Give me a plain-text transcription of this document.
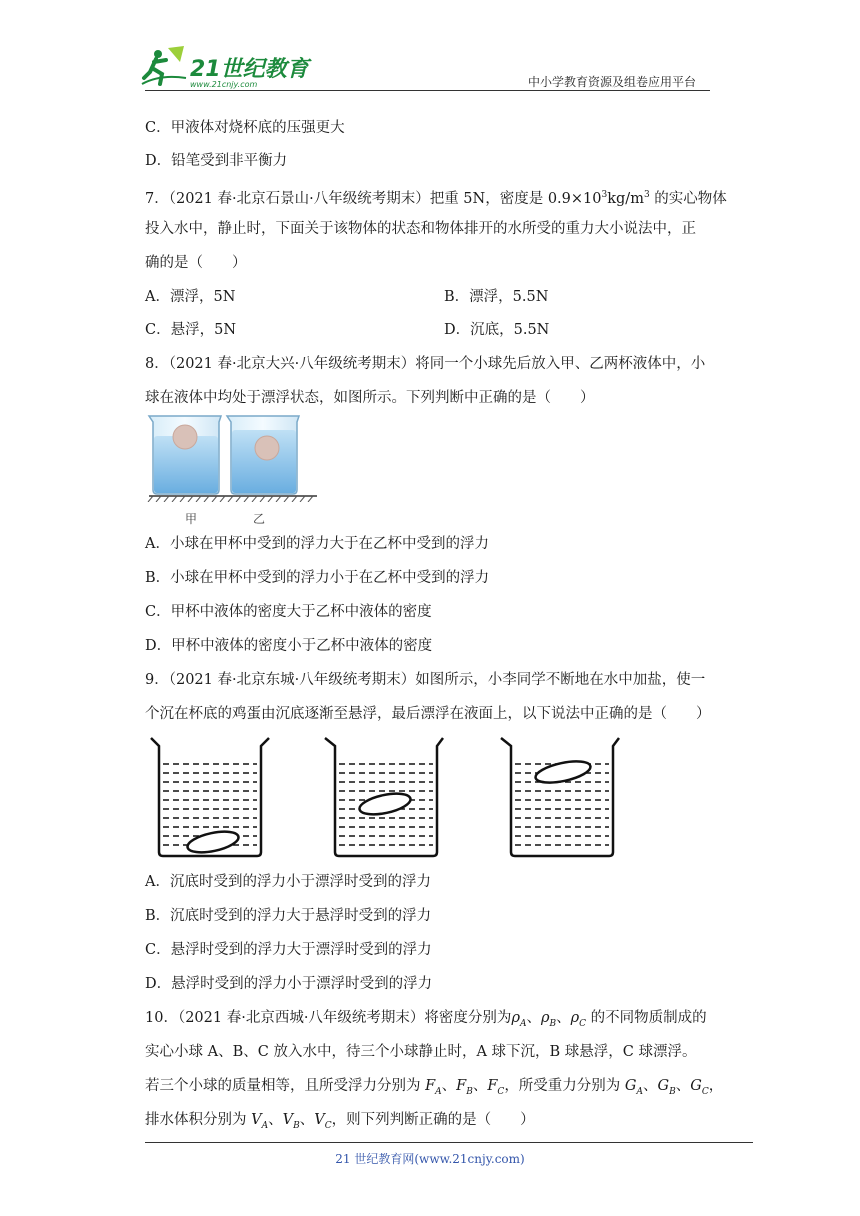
21世纪教育
www.21cnjy.com	中小学教育资源及组卷应用平台
C．甲液体对烧杯底的压强更大
D．铅笔受到非平衡力
7．（2021 春·北京石景山·八年级统考期末）把重 5N，密度是 $0.9\times 10^3kg/m^3$ 的实心物体
投入水中，静止时，下面关于该物体的状态和物体排开的水所受的重力大小说法中，正
确的是（　　）
A．漂浮，5N	B．漂浮，5.5N
C．悬浮，5N	D．沉底，5.5N
8．（2021 春·北京大兴·八年级统考期末）将同一个小球先后放入甲、乙两杯液体中，小
球在液体中均处于漂浮状态，如图所示。下列判断中正确的是（　　）
甲	乙
A．小球在甲杯中受到的浮力大于在乙杯中受到的浮力
B．小球在甲杯中受到的浮力小于在乙杯中受到的浮力
C．甲杯中液体的密度大于乙杯中液体的密度
D．甲杯中液体的密度小于乙杯中液体的密度
9．（2021 春·北京东城·八年级统考期末）如图所示，小李同学不断地在水中加盐，使一
个沉在杯底的鸡蛋由沉底逐渐至悬浮，最后漂浮在液面上，以下说法中正确的是（　　）
A．沉底时受到的浮力小于漂浮时受到的浮力
B．沉底时受到的浮力大于悬浮时受到的浮力
C．悬浮时受到的浮力大于漂浮时受到的浮力
D．悬浮时受到的浮力小于漂浮时受到的浮力
10．（2021 春·北京西城·八年级统考期末）将密度分别为$\rho_A$、$\rho_B$、$\rho_C$ 的不同物质制成的
实心小球 A、B、C 放入水中，待三个小球静止时，A 球下沉，B 球悬浮，C 球漂浮。
若三个小球的质量相等，且所受浮力分别为 $F_A$、$F_B$、$F_C$，所受重力分别为 $G_A$、$G_B$、$G_C$，
排水体积分别为 $V_A$、$V_B$、$V_C$，则下列判断正确的是（　　）
21 世纪教育网(www.21cnjy.com)
